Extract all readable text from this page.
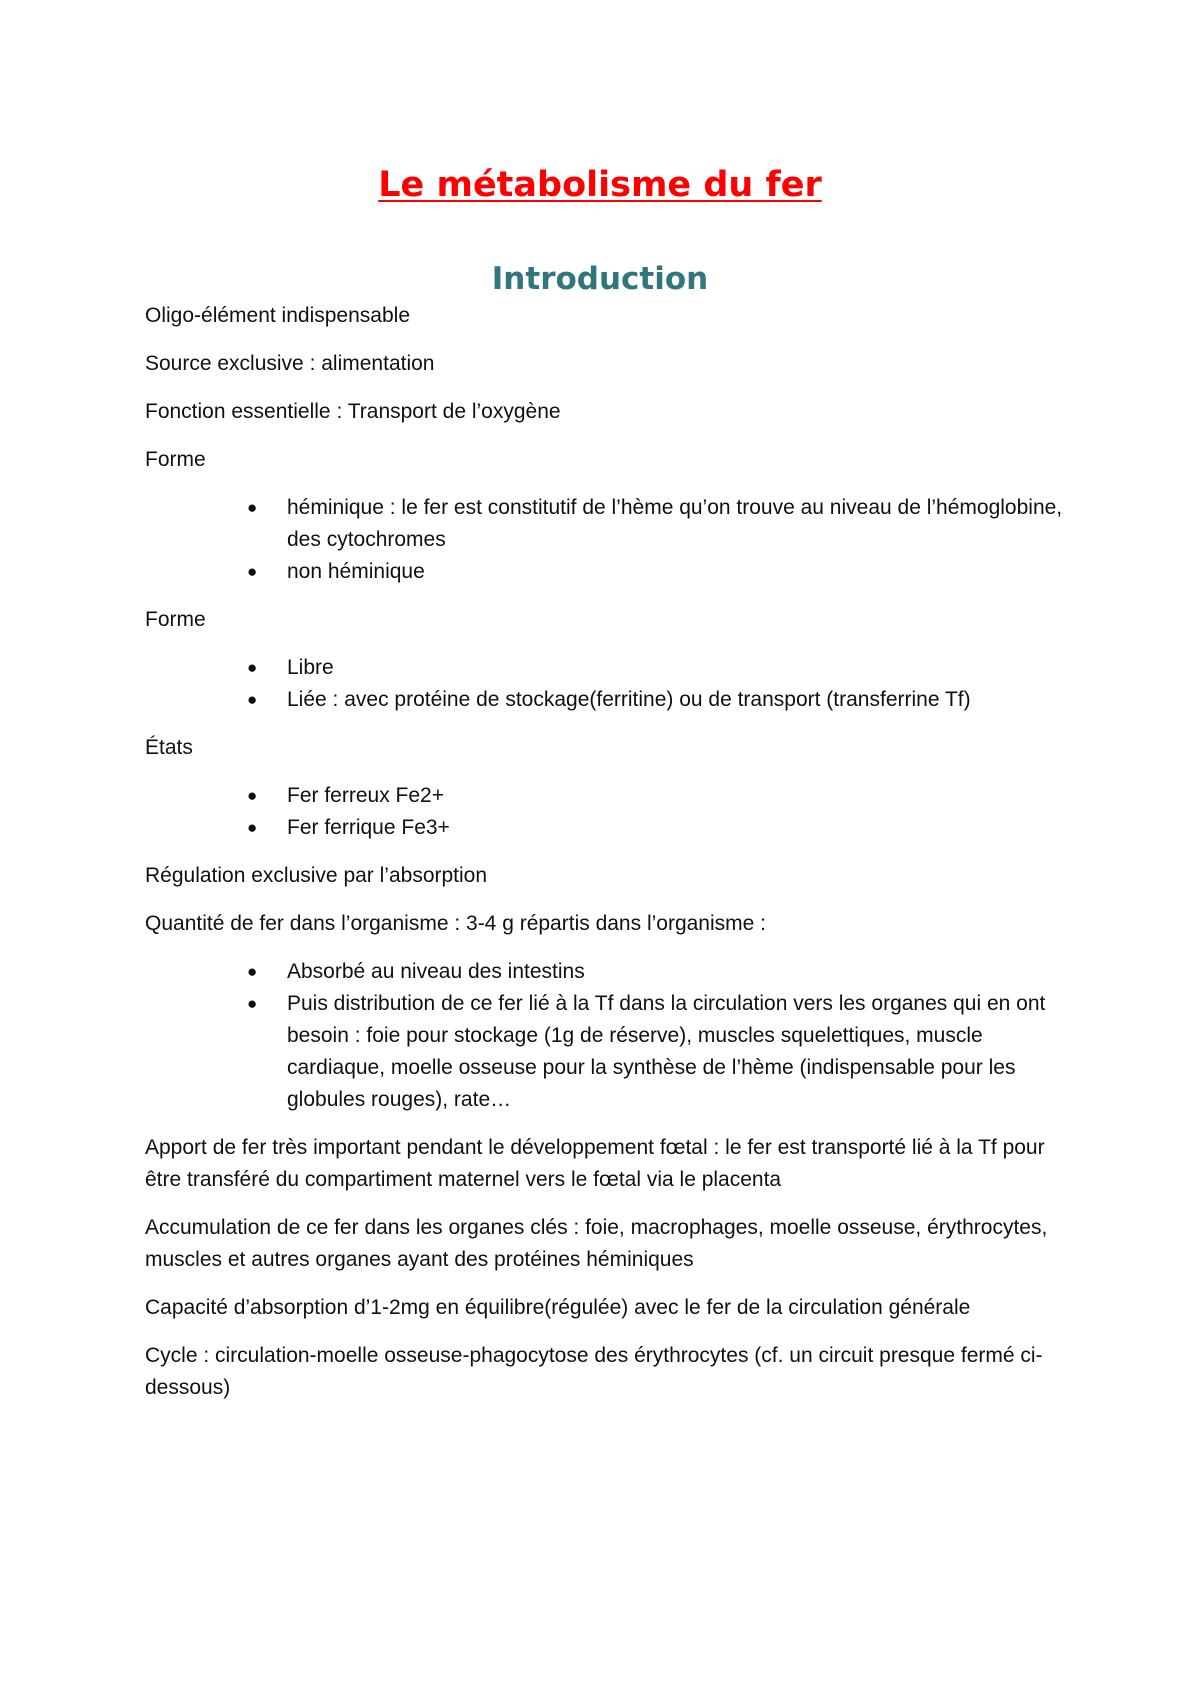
Le métabolisme du fer
Introduction

Oligo-élément indispensable

Source exclusive : alimentation

Fonction essentielle : Transport de l’oxygène

Forme

● héminique : le fer est constitutif de l’hème qu’on trouve au niveau de l’hémoglobine, des cytochromes
● non héminique

Forme

● Libre
● Liée : avec protéine de stockage(ferritine) ou de transport (transferrine Tf)

États

● Fer ferreux Fe2+
● Fer ferrique Fe3+

Régulation exclusive par l’absorption

Quantité de fer dans l’organisme : 3-4 g répartis dans l’organisme :

● Absorbé au niveau des intestins
● Puis distribution de ce fer lié à la Tf dans la circulation vers les organes qui en ont besoin : foie pour stockage (1g de réserve), muscles squelettiques, muscle cardiaque, moelle osseuse pour la synthèse de l’hème (indispensable pour les globules rouges), rate…

Apport de fer très important pendant le développement fœtal : le fer est transporté lié à la Tf pour être transféré du compartiment maternel vers le fœtal via le placenta

Accumulation de ce fer dans les organes clés : foie, macrophages, moelle osseuse, érythrocytes, muscles et autres organes ayant des protéines héminiques

Capacité d’absorption d’1-2mg en équilibre(régulée) avec le fer de la circulation générale

Cycle : circulation-moelle osseuse-phagocytose des érythrocytes (cf. un circuit presque fermé ci-dessous)
